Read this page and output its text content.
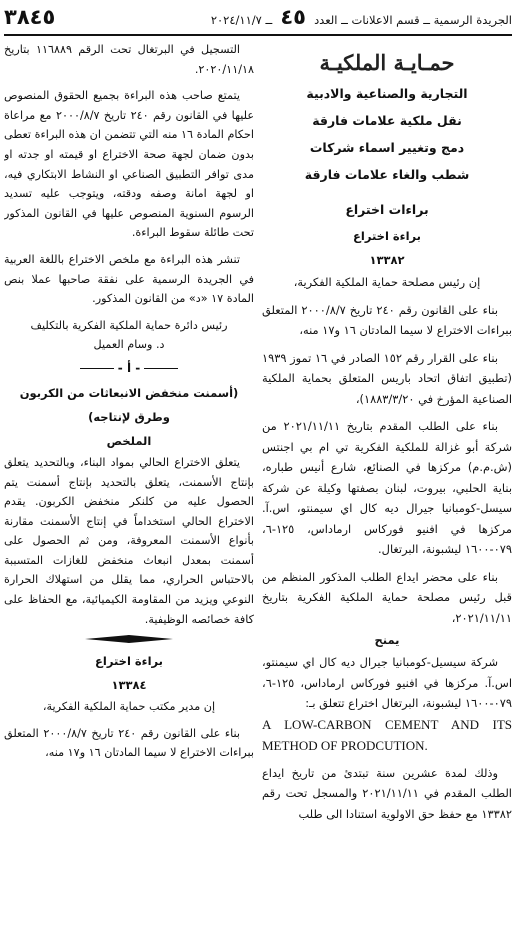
الجريدة الرسمية ــ قسم الاعلانات ــ العدد ٤٥ ــ ٢٠٢٤/١١/٧
٣٨٤٥
حمـايـة الملكيـة
التجارية والصناعية والادبية
نقل ملكية علامات فارقة
دمج وتغيير اسماء شركات
شطب والغاء علامات فارقة
براءات اختراع
براءة اختراع
١٣٣٨٢

إن رئيس مصلحة حماية الملكية الفكرية،

بناء على القانون رقم ٢٤٠ تاريخ ٢٠٠٠/٨/٧ المتعلق ببراءات الاختراع لا سيما المادتان ١٦ و١٧ منه،

بناء على القرار رقم ١٥٢ الصادر في ١٦ تموز ١٩٣٩ (تطبيق اتفاق اتحاد باريس المتعلق بحماية الملكية الصناعية المؤرخ في ١٨٨٣/٣/٢٠)،

بناء على الطلب المقدم بتاريخ ٢٠٢١/١١/١١ من شركة أبو غزالة للملكية الفكرية تي ام بي اجنتس (ش.م.م) مركزها في الصنائع، شارع أنيس طباره، بناية الحلبي، بيروت، لبنان بصفتها وكيلة عن شركة سيسل-كومبانيا جيرال ديه كال اي سيمنتو، اس.آ. مركزها في افنيو فوركاس ارماداس، ١٢٥-٦، ٠٧٩-١٦٠٠ ليشبونة، البرتغال.

بناء على محضر ايداع الطلب المذكور المنظم من قبل رئيس مصلحة حماية الملكية الفكرية بتاريخ ٢٠٢١/١١/١١،

يمنح

شركة سيسيل-كومبانيا جيرال ديه كال اي سيمنتو، اس.آ. مركزها في افنيو فوركاس ارماداس، ١٢٥-٦، ٠٧٩-١٦٠٠ ليشبونة، البرتغال اختراع تتعلق بـ:

A LOW-CARBON CEMENT AND ITS METHOD OF PRODCUTION.

وذلك لمدة عشرين سنة تبتدئ من تاريخ ايداع الطلب المقدم في ٢٠٢١/١١/١١ والمسجل تحت رقم ١٣٣٨٢ مع حفظ حق الاولوية استنادا الى طلب

التسجيل في البرتغال تحت الرقم ١١٦٨٨٩ بتاريخ ٢٠٢٠/١١/١٨.

يتمتع صاحب هذه البراءة بجميع الحقوق المنصوص عليها في القانون رقم ٢٤٠ تاريخ ٢٠٠٠/٨/٧ مع مراعاة احكام المادة ١٦ منه التي تتضمن ان هذه البراءة تعطى بدون ضمان لجهة صحة الاختراع او قيمته او جدته او مدى توافر التطبيق الصناعي او النشاط الابتكاري فيه، او لجهة امانة وصفه ودقته، ويتوجب عليه تسديد الرسوم السنوية المنصوص عليها في القانون المذكور تحت طائلة سقوط البراءة.

تنشر هذه البراءة مع ملخص الاختراع باللغة العربية في الجريدة الرسمية على نفقة صاحبها عملا بنص المادة ١٧ «د» من القانون المذكور.

رئيس دائرة حماية الملكية الفكرية بالتكليف

د. وسام العميل

- أ -
(أسمنت منخفض الانبعاثات من الكربون
وطرق لإنتاجه)
الملخص

يتعلق الاختراع الحالي بمواد البناء، وبالتحديد يتعلق بإنتاج الأسمنت، يتعلق بالتحديد بإنتاج أسمنت يتم الحصول عليه من كلنكر منخفض الكربون. يقدم الاختراع الحالي استخداماً في إنتاج الأسمنت مقارنة بأنواع الأسمنت المعروفة، ومن ثم الحصول على أسمنت بمعدل انبعاث منخفض للغازات المتسببة بالاحتباس الحراري، مما يقلل من استهلاك الحرارة النوعي ويزيد من المقاومة الكيميائية، مع الحفاظ على كافة خصائصه الوظيفية.

براءة اختراع
١٣٣٨٤

إن مدير مكتب حماية الملكية الفكرية،

بناء على القانون رقم ٢٤٠ تاريخ ٢٠٠٠/٨/٧ المتعلق ببراءات الاختراع لا سيما المادتان ١٦ و١٧ منه،
